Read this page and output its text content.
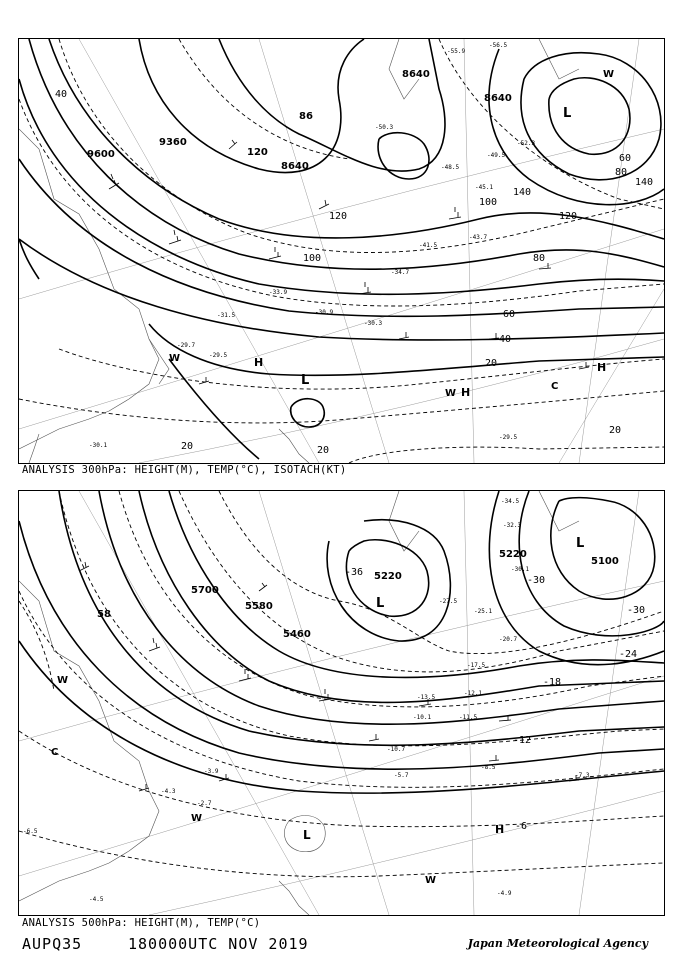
8640
8640
86
9360
9600	120
8640
140
120
100
80
60
40
20
20	20
20
40
60
80
100
120
140
-30.3
-31.5	-30.9
-29.7
-29.5
-30.1
-29.5
-33.9
-34.7
-41.5
-43.7
-45.1
-48.5
-49.5
-52.3
-55.9
-56.5
-50.3
L
L
H
W
W H	C
H
W
ANALYSIS 300hPa: HEIGHT(M), TEMP(°C), ISOTACH(KT)
5700
5580
5460
5220
5220
5100
58
-36
-30
-30
-24
-18
-12
-6
-34.5
-32.3
-30.1
-27.5
-25.1
-20.7
-17.5
-13.5
-12.1
-11.5
-10.7
-10.1
-8.5
-7.3
-5.7
-4.9
-4.5
-3.9
-2.7
-6.5
-4.3
L
L
L
W
C
W
H
W
ANALYSIS 500hPa: HEIGHT(M), TEMP(°C)
AUPQ35	180000UTC NOV 2019	Japan Meteorological Agency
